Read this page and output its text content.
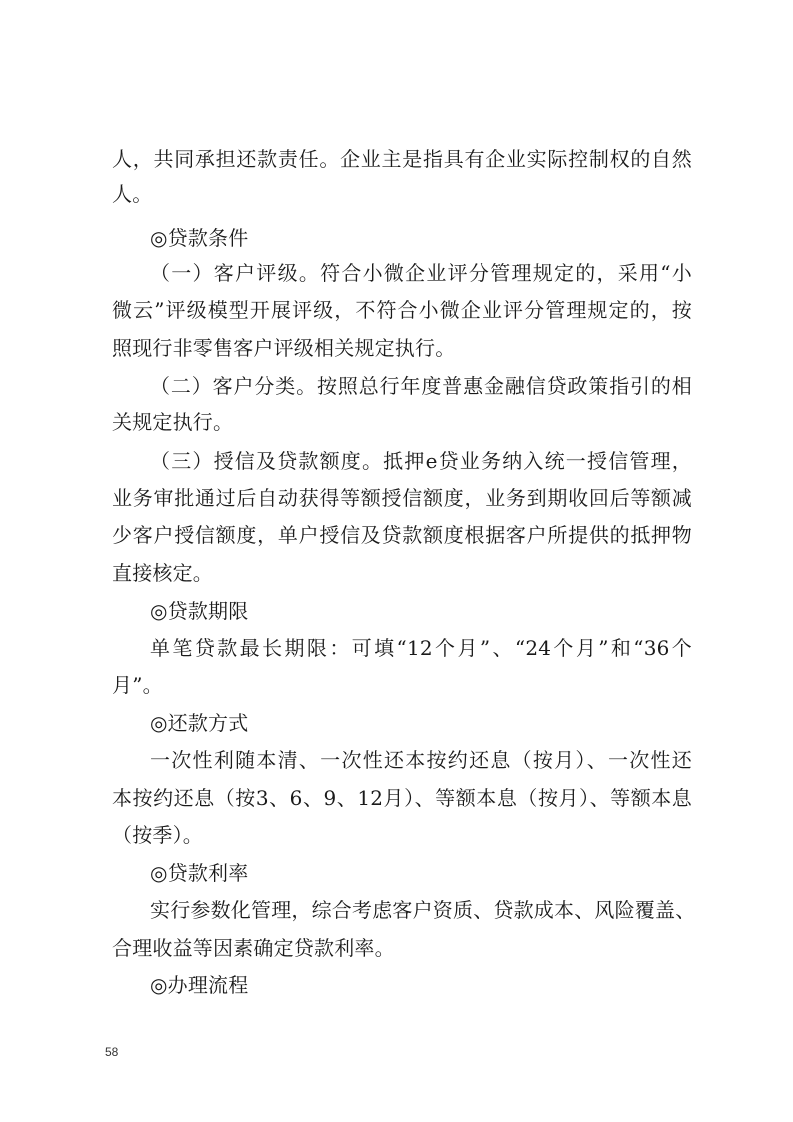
人，共同承担还款责任。企业主是指具有企业实际控制权的自然
人。
◎贷款条件
（一）客户评级。符合小微企业评分管理规定的，采用“小
微云”评级模型开展评级，不符合小微企业评分管理规定的，按
照现行非零售客户评级相关规定执行。
（二）客户分类。按照总行年度普惠金融信贷政策指引的相
关规定执行。
（三）授信及贷款额度。抵押e贷业务纳入统一授信管理，
业务审批通过后自动获得等额授信额度，业务到期收回后等额减
少客户授信额度，单户授信及贷款额度根据客户所提供的抵押物
直接核定。
◎贷款期限
单笔贷款最长期限：可填“12个月”、“24个月”和“36个
月”。
◎还款方式
一次性利随本清、一次性还本按约还息（按月）、一次性还
本按约还息（按3、6、9、12月）、等额本息（按月）、等额本息
（按季）。
◎贷款利率
实行参数化管理，综合考虑客户资质、贷款成本、风险覆盖、
合理收益等因素确定贷款利率。
◎办理流程
58
